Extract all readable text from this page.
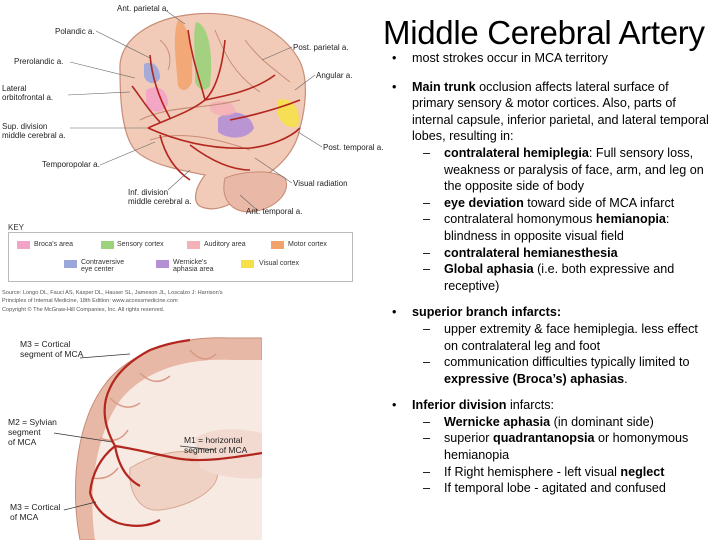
Ant. parietal a.
Polandic a.
Prerolandic a.
Lateral
orbitofrontal a.
Sup. division
middle cerebral a.
Temporopolar a.
Post. parietal a.
Angular a.
Post. temporal a.
Visual radiation
Inf. division
middle cerebral a.
Ant. temporal a.
KEY
Broca's area	Sensory cortex	Auditory area	Motor cortex
Contraversive
eye center
Wernicke's
aphasia area
Visual cortex
Source: Longo DL, Fauci AS, Kasper DL, Hauser SL, Jameson JL, Loscalzo J: Harrison's
Principles of Internal Medicine, 18th Edition: www.accessmedicine.com
Copyright © The McGraw-Hill Companies, Inc. All rights reserved.
M3 = Cortical
segment of MCA
M2 = Sylvian
segment
of MCA	M1 = horizontal
segment of MCA
M3 = Cortical
of MCA
Middle Cerebral Artery
• most strokes occur in MCA territory
• Main trunk occlusion affects lateral surface of primary sensory & motor cortices. Also, parts of internal capsule, inferior parietal, and lateral temporal lobes, resulting in:
– contralateral hemiplegia: Full sensory loss, weakness or paralysis of face, arm, and leg on the opposite side of body
– eye deviation toward side of MCA infarct
– contralateral homonymous hemianopia: blindness in opposite visual field
– contralateral hemianesthesia
– Global aphasia (i.e. both expressive and receptive)
• superior branch infarcts:
– upper extremity & face hemiplegia. less effect on contralateral leg and foot
– communication difficulties typically limited to expressive (Broca’s) aphasias.
• Inferior division infarcts:
– Wernicke aphasia (in dominant side)
– superior quadrantanopsia or homonymous hemianopia
– If Right hemisphere - left visual neglect
– If temporal lobe - agitated and confused
